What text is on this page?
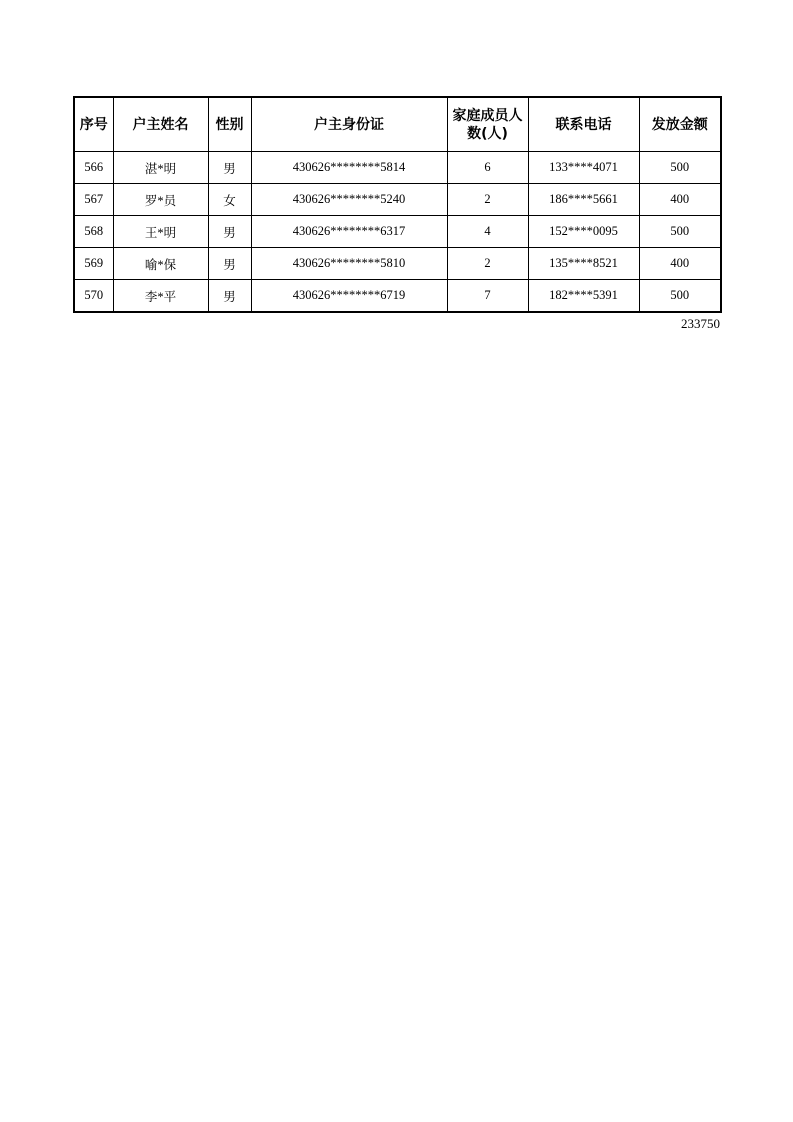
序号	户主姓名	性别	户主身份证	家庭成员人数(人)	联系电话	发放金额
566	湛*明	男	430626********5814	6	133****4071	500
567	罗*员	女	430626********5240	2	186****5661	400
568	王*明	男	430626********6317	4	152****0095	500
569	喻*保	男	430626********5810	2	135****8521	400
570	李*平	男	430626********6719	7	182****5391	500
233750
